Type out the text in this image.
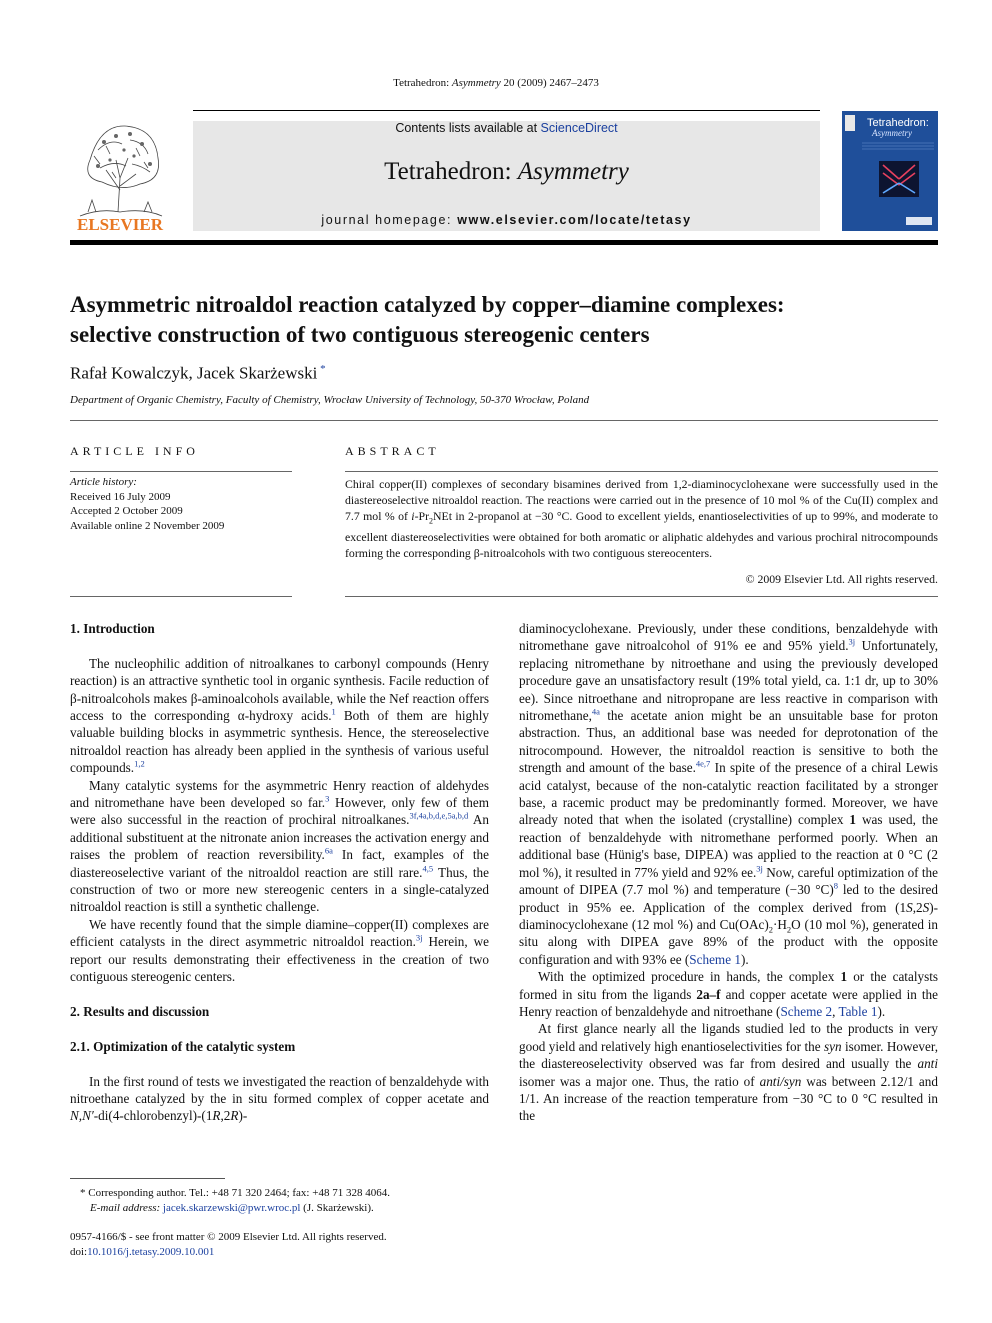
Tetrahedron: Asymmetry 20 (2009) 2467–2473
ELSEVIER
Contents lists available at ScienceDirect
Tetrahedron: Asymmetry
journal homepage: www.elsevier.com/locate/tetasy
Tetrahedron:
Asymmetry
Asymmetric nitroaldol reaction catalyzed by copper–diamine complexes:
selective construction of two contiguous stereogenic centers
Rafał Kowalczyk, Jacek Skarżewski *
Department of Organic Chemistry, Faculty of Chemistry, Wrocław University of Technology, 50-370 Wrocław, Poland
ARTICLE INFO	ABSTRACT
Article history:
Received 16 July 2009
Accepted 2 October 2009
Available online 2 November 2009
Chiral copper(II) complexes of secondary bisamines derived from 1,2-diaminocyclohexane were successfully used in the diastereoselective nitroaldol reaction. The reactions were carried out in the presence of 10 mol % of the Cu(II) complex and 7.7 mol % of $i-Pr_2NEt$ in 2-propanol at −30 °C. Good to excellent yields, enantioselectivities of up to 99%, and moderate to excellent diastereoselectivities were obtained for both aromatic or aliphatic aldehydes and various prochiral nitrocompounds forming the corresponding β-nitroalcohols with two contiguous stereocenters.
© 2009 Elsevier Ltd. All rights reserved.
1. Introduction

The nucleophilic addition of nitroalkanes to carbonyl compounds (Henry reaction) is an attractive synthetic tool in organic synthesis. Facile reduction of β-nitroalcohols makes β-aminoalcohols available, while the Nef reaction offers access to the corresponding α-hydroxy acids.$^1$ Both of them are highly valuable building blocks in asymmetric synthesis. Hence, the stereoselective nitroaldol reaction has already been applied in the synthesis of various useful compounds.$^{1,2}$

Many catalytic systems for the asymmetric Henry reaction of aldehydes and nitromethane have been developed so far.$^3$ However, only few of them were also successful in the reaction of prochiral nitroalkanes.$^{3f,4a,b,d,e,5a,b,d}$ An additional substituent at the nitronate anion increases the activation energy and raises the problem of reaction reversibility.$^{6a}$ In fact, examples of the diastereoselective variant of the nitroaldol reaction are still rare.$^{4,5}$ Thus, the construction of two or more new stereogenic centers in a single-catalyzed nitroaldol reaction is still a synthetic challenge.

We have recently found that the simple diamine–copper(II) complexes are efficient catalysts in the direct asymmetric nitroaldol reaction.$^{3j}$ Herein, we report our results demonstrating their effectiveness in the creation of two contiguous stereogenic centers.

2. Results and discussion
2.1. Optimization of the catalytic system

In the first round of tests we investigated the reaction of benzaldehyde with nitroethane catalyzed by the in situ formed complex of copper acetate and N,N′-di(4-chlorobenzyl)-(1R,2R)-

diaminocyclohexane. Previously, under these conditions, benzaldehyde with nitromethane gave nitroalcohol of 91% ee and 95% yield.$^{3j}$ Unfortunately, replacing nitromethane by nitroethane and using the previously developed procedure gave an unsatisfactory result (19% total yield, ca. 1:1 dr, up to 30% ee). Since nitroethane and nitropropane are less reactive in comparison with nitromethane,$^{4a}$ the acetate anion might be an unsuitable base for proton abstraction. Thus, an additional base was needed for deprotonation of the nitrocompound. However, the nitroaldol reaction is sensitive to both the strength and amount of the base.$^{4e,7}$ In spite of the presence of a chiral Lewis acid catalyst, because of the non-catalytic reaction facilitated by a stronger base, a racemic product may be predominantly formed. Moreover, we have already noted that when the isolated (crystalline) complex 1 was used, the reaction of benzaldehyde with nitromethane performed poorly. When an additional base (Hünig's base, DIPEA) was applied to the reaction at 0 °C (2 mol %), it resulted in 77% yield and 92% ee.$^{3j}$ Now, careful optimization of the amount of DIPEA (7.7 mol %) and temperature (−30 °C)$^8$ led to the desired product in 95% ee. Application of the complex derived from (1S,2S)-diaminocyclohexane (12 mol %) and $Cu(OAc)_2\cdot H_2O$ (10 mol %), generated in situ along with DIPEA gave 89% of the product with the opposite configuration and with 93% ee (Scheme 1).

With the optimized procedure in hands, the complex 1 or the catalysts formed in situ from the ligands 2a–f and copper acetate were applied in the Henry reaction of benzaldehyde and nitroethane (Scheme 2, Table 1).

At first glance nearly all the ligands studied led to the products in very good yield and relatively high enantioselectivities for the syn isomer. However, the diastereoselectivity observed was far from desired and usually the anti isomer was a major one. Thus, the ratio of anti/syn was between 2.12/1 and 1/1. An increase of the reaction temperature from −30 °C to 0 °C resulted in the

* Corresponding author. Tel.: +48 71 320 2464; fax: +48 71 328 4064.
E-mail address: jacek.skarzewski@pwr.wroc.pl (J. Skarżewski).
0957-4166/$ - see front matter © 2009 Elsevier Ltd. All rights reserved.
doi:10.1016/j.tetasy.2009.10.001
